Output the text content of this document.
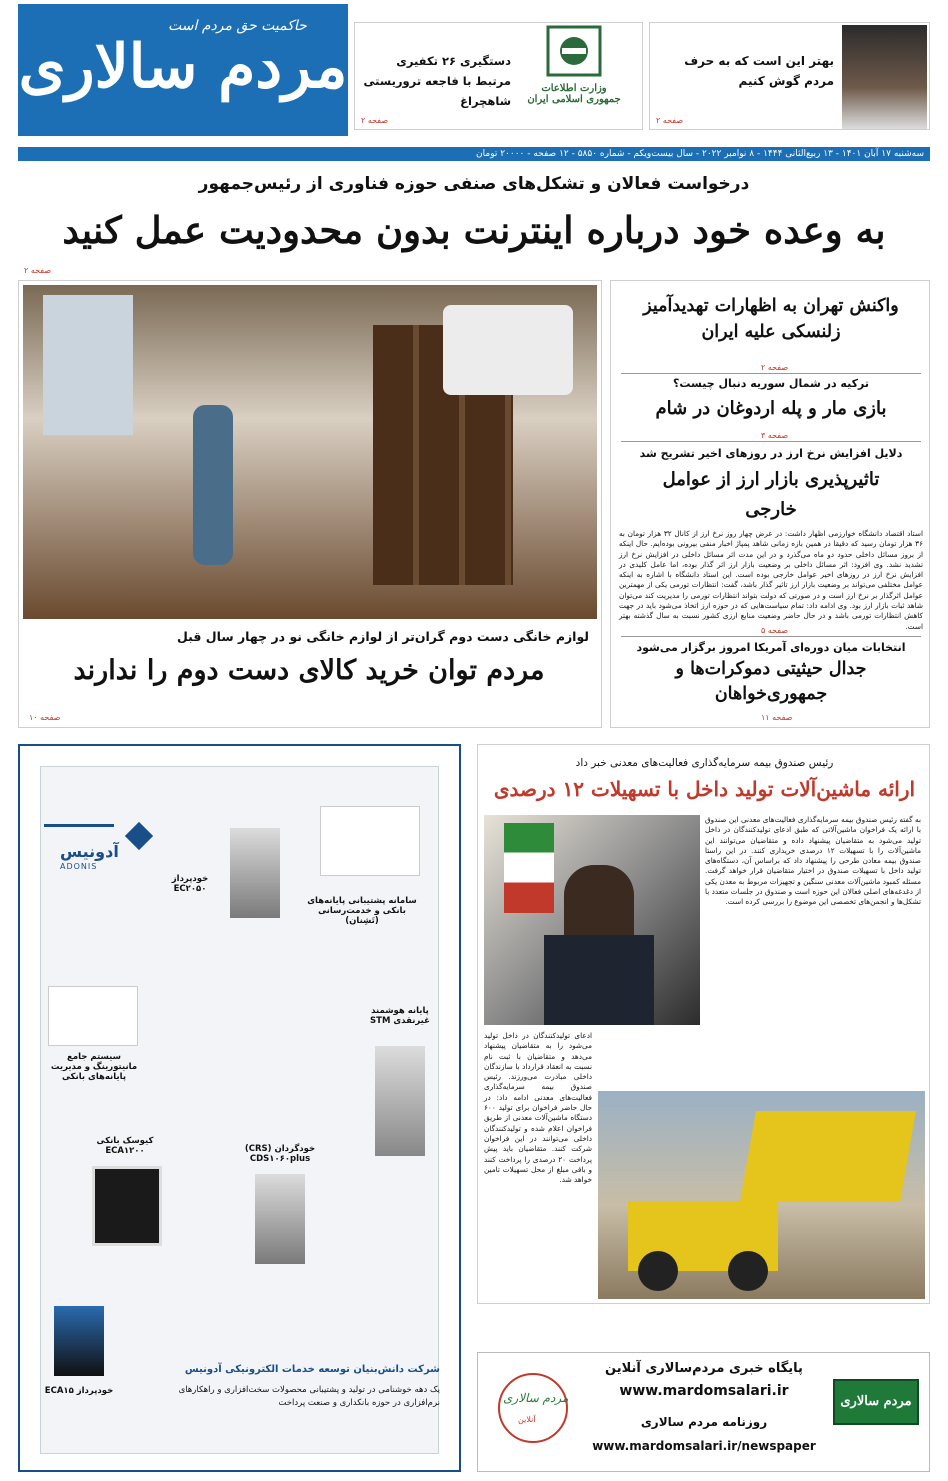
حاکمیت حق مردم است
مردم سالاری	بهتر این است که به حرف مردم گوش کنیم
صفحه ۲
وزارت اطلاعات
جمهوری اسلامی ایران
دستگیری ۲۶ تکفیری مرتبط با فاجعه تروریستی شاهچراغ
صفحه ۲
سه‌شنبه ۱۷ آبان ۱۴۰۱ - ۱۳ ربیع‌الثانی ۱۴۴۴ - ۸ نوامبر ۲۰۲۲ - سال بیست‌ویکم - شماره ۵۸۵۰ - ۱۲ صفحه - ۲۰۰۰۰ تومان
درخواست فعالان و تشکل‌های صنفی حوزه فناوری از رئیس‌جمهور
به وعده خود درباره اینترنت بدون محدودیت عمل کنید
صفحه ۲
لوازم خانگی دست دوم گران‌تر از لوازم خانگی نو در چهار سال قبل
مردم توان خرید کالای دست دوم را ندارند
صفحه ۱۰
واکنش تهران به اظهارات تهدیدآمیز زلنسکی علیه ایران
صفحه ۲
ترکیه در شمال سوریه دنبال چیست؟
بازی مار و پله اردوغان در شام
صفحه ۳
دلایل افزایش نرخ ارز در روزهای اخیر تشریح شد
تاثیرپذیری بازار ارز از عوامل خارجی
استاد اقتصاد دانشگاه خوارزمی اظهار داشت: در عرض چهار روز نرخ ارز از کانال ۳۲ هزار تومان به ۳۶ هزار تومان رسید که دقیقا در همین بازه زمانی شاهد پمپاژ اخبار منفی بیرونی بوده‌ایم. حال اینکه از بروز مسائل داخلی حدود دو ماه می‌گذرد و در این مدت اثر مسائل داخلی در افزایش نرخ ارز تشدید نشد. وی افزود: اثر مسائل داخلی بر وضعیت بازار ارز اثر گذار بوده، اما عامل کلیدی در افزایش نرخ ارز در روزهای اخیر عوامل خارجی بوده است. این استاد دانشگاه با اشاره به اینکه عوامل مختلفی می‌تواند بر وضعیت بازار ارز تاثیر گذار باشد، گفت: انتظارات تورمی یکی از مهمترین عوامل اثرگذار بر نرخ ارز است و در صورتی که دولت بتواند انتظارات تورمی را مدیریت کند می‌توان شاهد ثبات بازار ارز بود. وی ادامه داد: تمام سیاست‌هایی که در حوزه ارز اتخاذ می‌شود باید در جهت کاهش انتظارات تورمی باشد و در حال حاضر وضعیت منابع ارزی کشور نسبت به سال گذشته بهتر است.
صفحه ۵
انتخابات میان دوره‌ای آمریکا امروز برگزار می‌شود
جدال حیثیتی دموکرات‌ها و جمهوری‌خواهان
صفحه ۱۱
رئیس صندوق بیمه سرمایه‌گذاری فعالیت‌های معدنی خبر داد
ارائه ماشین‌آلات تولید داخل با تسهیلات ۱۲ درصدی
به گفته رئیس صندوق بیمه سرمایه‌گذاری فعالیت‌های معدنی این صندوق با ارائه یک فراخوان ماشین‌آلاتی که طبق ادعای تولیدکنندگان در داخل تولید می‌شود به متقاضیان پیشنهاد داده و متقاضیان می‌توانند این ماشین‌آلات را با تسهیلات ۱۲ درصدی خریداری کنند. در این راستا صندوق بیمه معادن طرحی را پیشنهاد داد که براساس آن، دستگاه‌های تولید داخل با تسهیلات صندوق در اختیار متقاضیان قرار خواهد گرفت. مسئله کمبود ماشین‌آلات معدنی سنگین و تجهیزات مربوط به معدن یکی از دغدغه‌های اصلی فعالان این حوزه است و صندوق در جلسات متعدد با تشکل‌ها و انجمن‌های تخصصی این موضوع را بررسی کرده است.
ادعای تولیدکنندگان در داخل تولید می‌شود را به متقاضیان پیشنهاد می‌دهد و متقاضیان با ثبت نام نسبت به انعقاد قرارداد با سازندگان داخلی مبادرت می‌ورزند. رئیس صندوق بیمه سرمایه‌گذاری فعالیت‌های معدنی ادامه داد: در حال حاضر فراخوان برای تولید ۶۰۰ دستگاه ماشین‌آلات معدنی از طریق فراخوان اعلام شده و تولیدکنندگان داخلی می‌توانند در این فراخوان شرکت کنند. متقاضیان باید پیش پرداخت ۲۰ درصدی را پرداخت کنند و باقی مبلغ از محل تسهیلات تامین خواهد شد.
آدونیس
ADONIS
خودپرداز EC۲۰۵۰
سامانه پشتیبانی پایانه‌های بانکی و خدمت‌رسانی (تَشِنان)
سیستم جامع مانیتورینگ و مدیریت پایانه‌های بانکی
پایانه هوشمند غیرنقدی STM
کیوسک بانکی ECA۱۲۰۰	خودگردان (CRS) CDS۱۰۶۰plus
خودپرداز ECA۱۵
شرکت دانش‌بنیان توسعه خدمات الکترونیکی آدونیس
یک دهه خوشنامی در تولید و پشتیبانی محصولات سخت‌افزاری و راهکارهای نرم‌افزاری در حوزه بانکداری و صنعت پرداخت	مردم سالاری
آنلاین
پایگاه خبری مردم‌سالاری آنلاین
www.mardomsalari.ir
روزنامه مردم سالاری
www.mardomsalari.ir/newspaper
مردم سالاری
